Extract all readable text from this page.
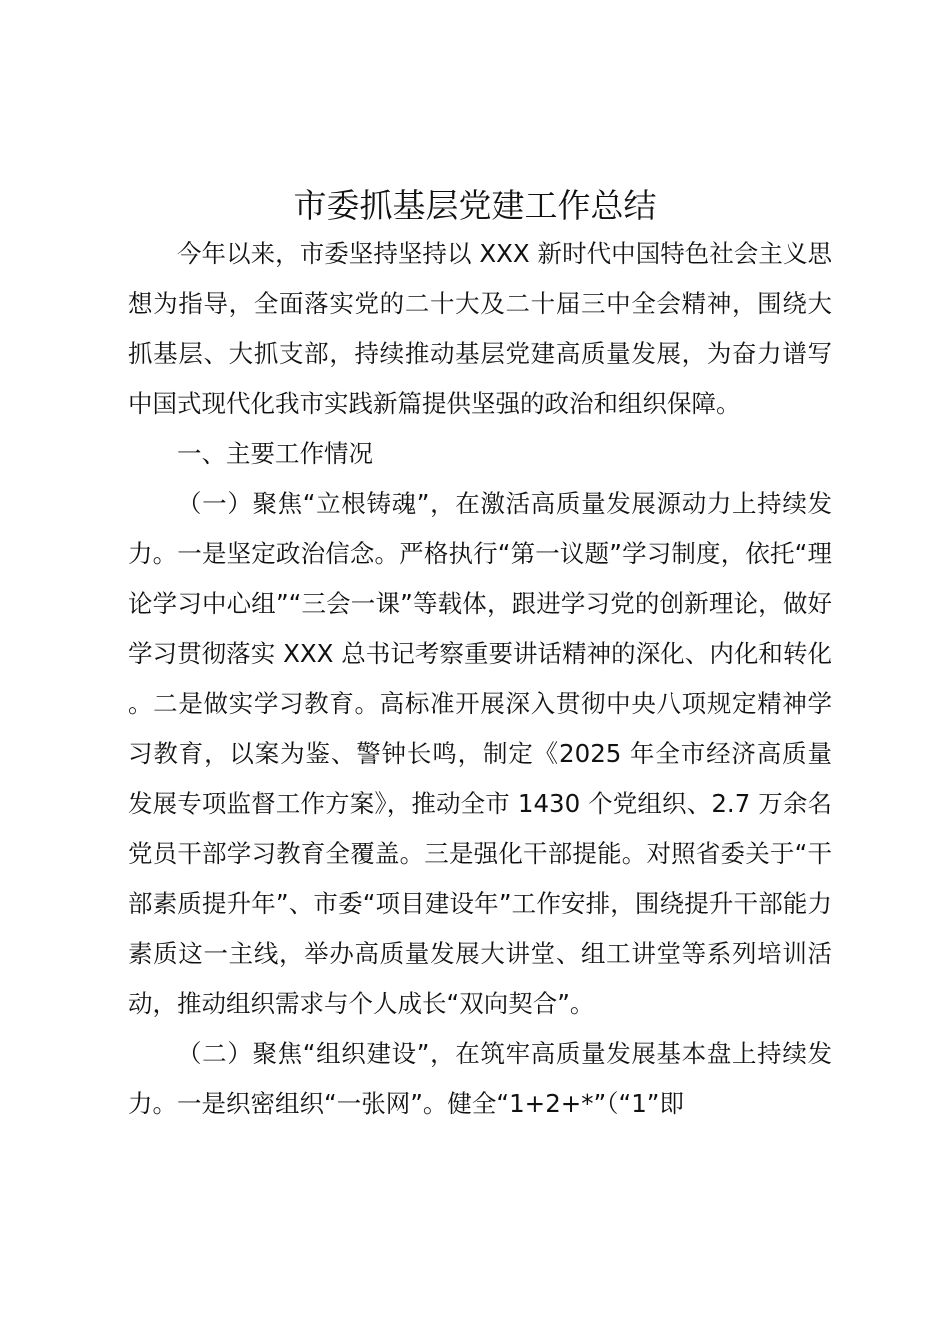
市委抓基层党建工作总结

今年以来，市委坚持坚持以 XXX 新时代中国特色社会主义思想为指导，全面落实党的二十大及二十届三中全会精神，围绕大抓基层、大抓支部，持续推动基层党建高质量发展，为奋力谱写中国式现代化我市实践新篇提供坚强的政治和组织保障。

一、主要工作情况

（一）聚焦“立根铸魂”，在激活高质量发展源动力上持续发力。一是坚定政治信念。严格执行“第一议题”学习制度，依托“理论学习中心组”“三会一课”等载体，跟进学习党的创新理论，做好学习贯彻落实 XXX 总书记考察重要讲话精神的深化、内化和转化。二是做实学习教育。高标准开展深入贯彻中央八项规定精神学习教育，以案为鉴、警钟长鸣，制定《2025 年全市经济高质量发展专项监督工作方案》，推动全市 1430 个党组织、2.7 万余名党员干部学习教育全覆盖。三是强化干部提能。对照省委关于“干部素质提升年”、市委“项目建设年”工作安排，围绕提升干部能力素质这一主线，举办高质量发展大讲堂、组工讲堂等系列培训活动，推动组织需求与个人成长“双向契合”。

（二）聚焦“组织建设”，在筑牢高质量发展基本盘上持续发力。一是织密组织“一张网”。健全“1+2+*”（“1”即
